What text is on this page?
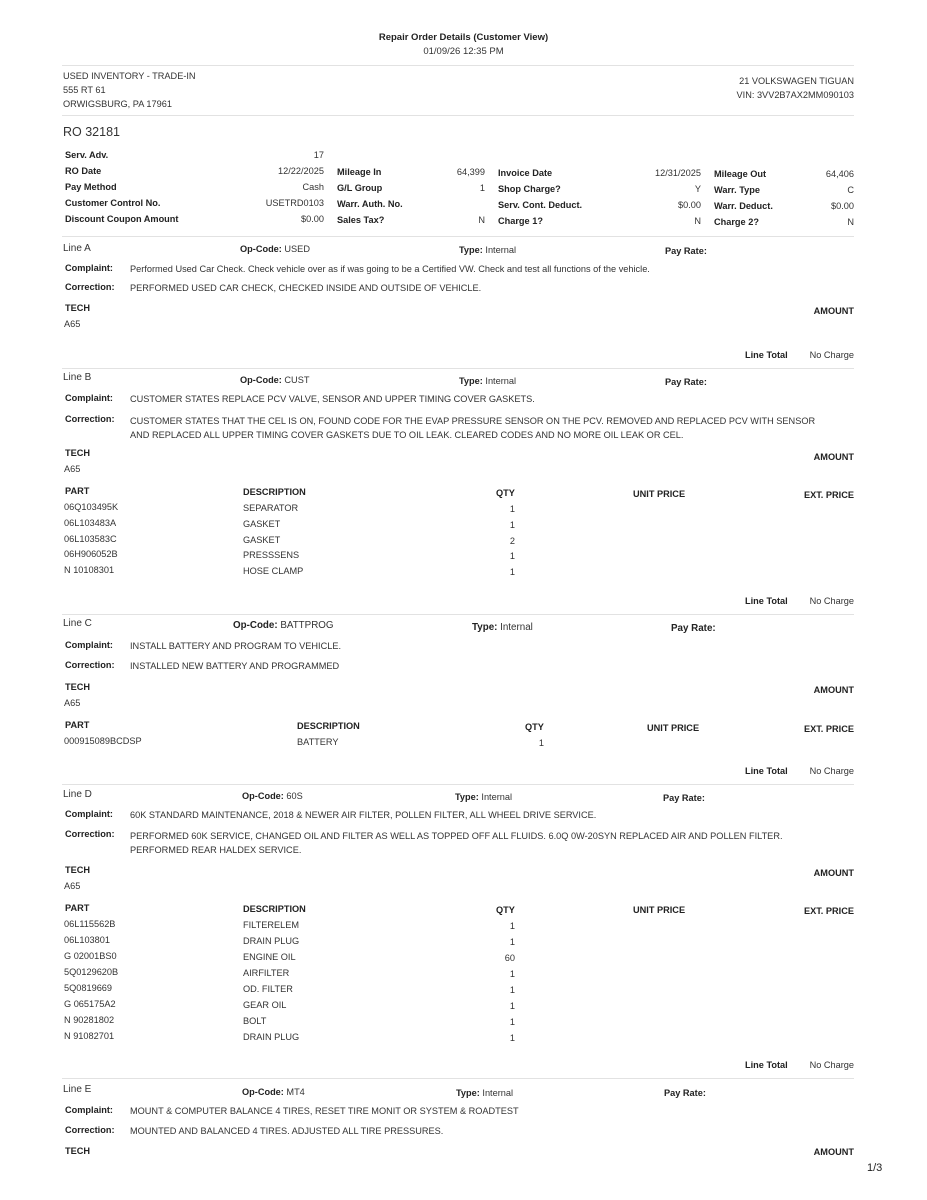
Repair Order Details (Customer View)
01/09/26 12:35 PM
USED INVENTORY - TRADE-IN
555 RT 61
ORWIGSBURG, PA 17961
21 VOLKSWAGEN TIGUAN
VIN: 3VV2B7AX2MM090103
RO 32181
Serv. Adv.	17
RO Date	12/22/2025
Pay Method	Cash
Customer Control No.	USETRD0103
Discount Coupon Amount	$0.00
Mileage In	64,399
G/L Group	1
Warr. Auth. No.
Sales Tax?	N
Invoice Date	12/31/2025
Shop Charge?	Y
Serv. Cont. Deduct.	$0.00
Charge 1?	N
Mileage Out	64,406
Warr. Type	C
Warr. Deduct.	$0.00
Charge 2?	N
Line A	Op-Code: USED	Type: Internal	Pay Rate:
Complaint: Performed Used Car Check. Check vehicle over as if was going to be a Certified VW. Check and test all functions of the vehicle.
Correction: PERFORMED USED CAR CHECK, CHECKED INSIDE AND OUTSIDE OF VEHICLE.
TECH	AMOUNT
A65
Line Total No Charge
Line B	Op-Code: CUST	Type: Internal	Pay Rate:
Complaint: CUSTOMER STATES REPLACE PCV VALVE, SENSOR AND UPPER TIMING COVER GASKETS.
Correction: CUSTOMER STATES THAT THE CEL IS ON, FOUND CODE FOR THE EVAP PRESSURE SENSOR ON THE PCV. REMOVED AND REPLACED PCV WITH SENSOR
AND REPLACED ALL UPPER TIMING COVER GASKETS DUE TO OIL LEAK. CLEARED CODES AND NO MORE OIL LEAK OR CEL.
TECH	AMOUNT
A65
PART	DESCRIPTION	QTY	UNIT PRICE	EXT. PRICE
06Q103495K	SEPARATOR	1
06L103483A	GASKET	1
06L103583C	GASKET	2
06H906052B	PRESSSENS	1
N 10108301	HOSE CLAMP	1
Line Total No Charge
Line C	Op-Code: BATTPROG	Type: Internal	Pay Rate:
Complaint: INSTALL BATTERY AND PROGRAM TO VEHICLE.
Correction: INSTALLED NEW BATTERY AND PROGRAMMED
TECH	AMOUNT
A65
PART	DESCRIPTION	QTY	UNIT PRICE	EXT. PRICE
000915089BCDSP	BATTERY	1
Line Total No Charge
Line D	Op-Code: 60S	Type: Internal	Pay Rate:
Complaint: 60K STANDARD MAINTENANCE, 2018 & NEWER AIR FILTER, POLLEN FILTER, ALL WHEEL DRIVE SERVICE.
Correction: PERFORMED 60K SERVICE, CHANGED OIL AND FILTER AS WELL AS TOPPED OFF ALL FLUIDS. 6.0Q 0W-20SYN REPLACED AIR AND POLLEN FILTER.
PERFORMED REAR HALDEX SERVICE.
TECH	AMOUNT
A65
PART	DESCRIPTION	QTY	UNIT PRICE	EXT. PRICE
06L115562B	FILTERELEM	1
06L103801	DRAIN PLUG	1
G 02001BS0	ENGINE OIL	60
5Q0129620B	AIRFILTER	1
5Q0819669	OD. FILTER	1
G 065175A2	GEAR OIL	1
N 90281802	BOLT	1
N 91082701	DRAIN PLUG	1
Line Total No Charge
Line E	Op-Code: MT4	Type: Internal	Pay Rate:
Complaint: MOUNT & COMPUTER BALANCE 4 TIRES, RESET TIRE MONIT OR SYSTEM & ROADTEST
Correction: MOUNTED AND BALANCED 4 TIRES. ADJUSTED ALL TIRE PRESSURES.
TECH	AMOUNT
1/3
